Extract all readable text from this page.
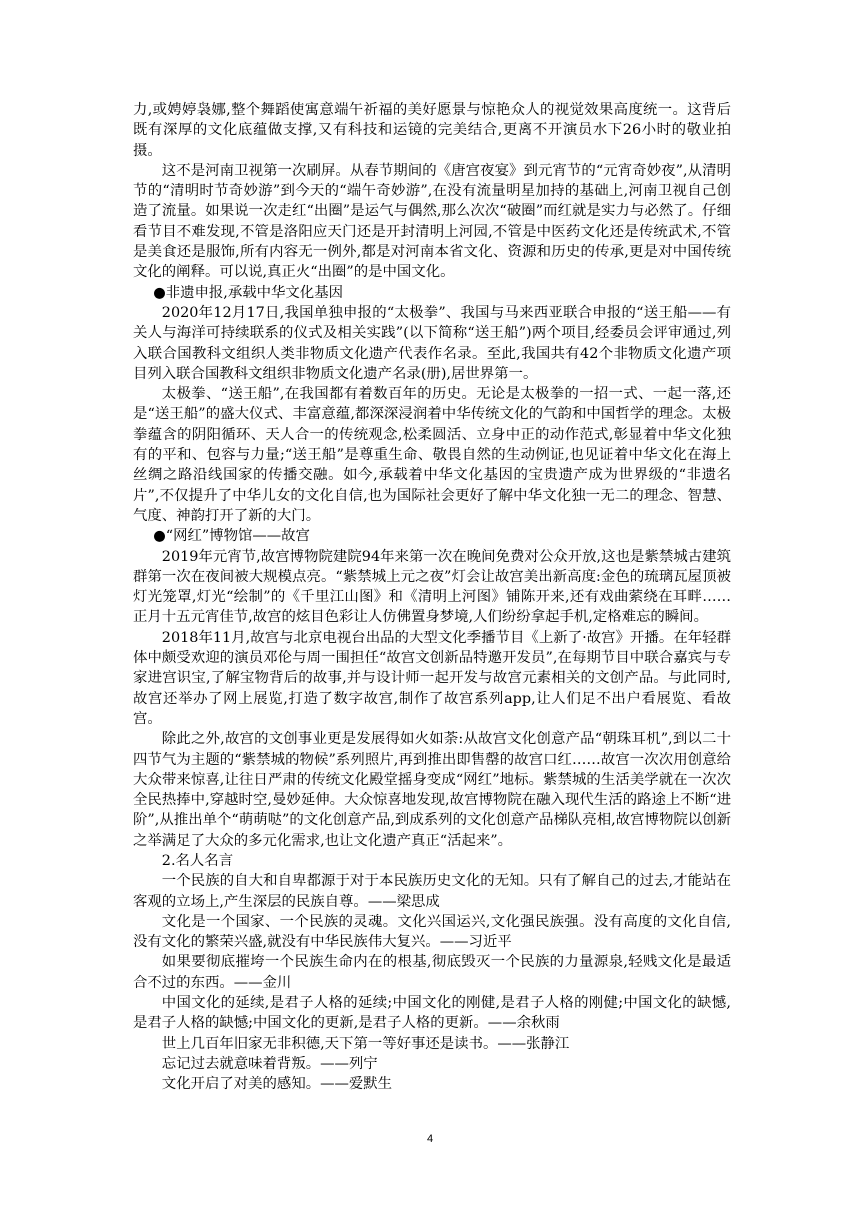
力,或娉婷袅娜,整个舞蹈使寓意端午祈福的美好愿景与惊艳众人的视觉效果高度统一。这背后既有深厚的文化底蕴做支撑,又有科技和运镜的完美结合,更离不开演员水下26小时的敬业拍摄。

这不是河南卫视第一次刷屏。从春节期间的《唐宫夜宴》到元宵节的“元宵奇妙夜”,从清明节的“清明时节奇妙游”到今天的“端午奇妙游”,在没有流量明星加持的基础上,河南卫视自己创造了流量。如果说一次走红“出圈”是运气与偶然,那么次次“破圈”而红就是实力与必然了。仔细看节目不难发现,不管是洛阳应天门还是开封清明上河园,不管是中医药文化还是传统武术,不管是美食还是服饰,所有内容无一例外,都是对河南本省文化、资源和历史的传承,更是对中国传统文化的阐释。可以说,真正火“出圈”的是中国文化。

●非遗申报,承载中华文化基因

2020年12月17日,我国单独申报的“太极拳”、我国与马来西亚联合申报的“送王船——有关人与海洋可持续联系的仪式及相关实践”(以下简称“送王船”)两个项目,经委员会评审通过,列入联合国教科文组织人类非物质文化遗产代表作名录。至此,我国共有42个非物质文化遗产项目列入联合国教科文组织非物质文化遗产名录(册),居世界第一。

太极拳、“送王船”,在我国都有着数百年的历史。无论是太极拳的一招一式、一起一落,还是“送王船”的盛大仪式、丰富意蕴,都深深浸润着中华传统文化的气韵和中国哲学的理念。太极拳蕴含的阴阳循环、天人合一的传统观念,松柔圆活、立身中正的动作范式,彰显着中华文化独有的平和、包容与力量;“送王船”是尊重生命、敬畏自然的生动例证,也见证着中华文化在海上丝绸之路沿线国家的传播交融。如今,承载着中华文化基因的宝贵遗产成为世界级的“非遗名片”,不仅提升了中华儿女的文化自信,也为国际社会更好了解中华文化独一无二的理念、智慧、气度、神韵打开了新的大门。

●“网红”博物馆——故宫

2019年元宵节,故宫博物院建院94年来第一次在晚间免费对公众开放,这也是紫禁城古建筑群第一次在夜间被大规模点亮。“紫禁城上元之夜”灯会让故宫美出新高度:金色的琉璃瓦屋顶被灯光笼罩,灯光“绘制”的《千里江山图》和《清明上河图》铺陈开来,还有戏曲萦绕在耳畔……正月十五元宵佳节,故宫的炫目色彩让人仿佛置身梦境,人们纷纷拿起手机,定格难忘的瞬间。

2018年11月,故宫与北京电视台出品的大型文化季播节目《上新了·故宫》开播。在年轻群体中颇受欢迎的演员邓伦与周一围担任“故宫文创新品特邀开发员”,在每期节目中联合嘉宾与专家进宫识宝,了解宝物背后的故事,并与设计师一起开发与故宫元素相关的文创产品。与此同时,故宫还举办了网上展览,打造了数字故宫,制作了故宫系列app,让人们足不出户看展览、看故宫。

除此之外,故宫的文创事业更是发展得如火如荼:从故宫文化创意产品“朝珠耳机”,到以二十四节气为主题的“紫禁城的物候”系列照片,再到推出即售罄的故宫口红……故宫一次次用创意给大众带来惊喜,让往日严肃的传统文化殿堂摇身变成“网红”地标。紫禁城的生活美学就在一次次全民热捧中,穿越时空,曼妙延伸。大众惊喜地发现,故宫博物院在融入现代生活的路途上不断“进阶”,从推出单个“萌萌哒”的文化创意产品,到成系列的文化创意产品梯队亮相,故宫博物院以创新之举满足了大众的多元化需求,也让文化遗产真正“活起来”。

2.名人名言

一个民族的自大和自卑都源于对于本民族历史文化的无知。只有了解自己的过去,才能站在客观的立场上,产生深层的民族自尊。——梁思成

文化是一个国家、一个民族的灵魂。文化兴国运兴,文化强民族强。没有高度的文化自信,没有文化的繁荣兴盛,就没有中华民族伟大复兴。——习近平

如果要彻底摧垮一个民族生命内在的根基,彻底毁灭一个民族的力量源泉,轻贱文化是最适合不过的东西。——金川

中国文化的延续,是君子人格的延续;中国文化的刚健,是君子人格的刚健;中国文化的缺憾,是君子人格的缺憾;中国文化的更新,是君子人格的更新。——余秋雨

世上几百年旧家无非积德,天下第一等好事还是读书。——张静江

忘记过去就意味着背叛。——列宁

文化开启了对美的感知。——爱默生

4
